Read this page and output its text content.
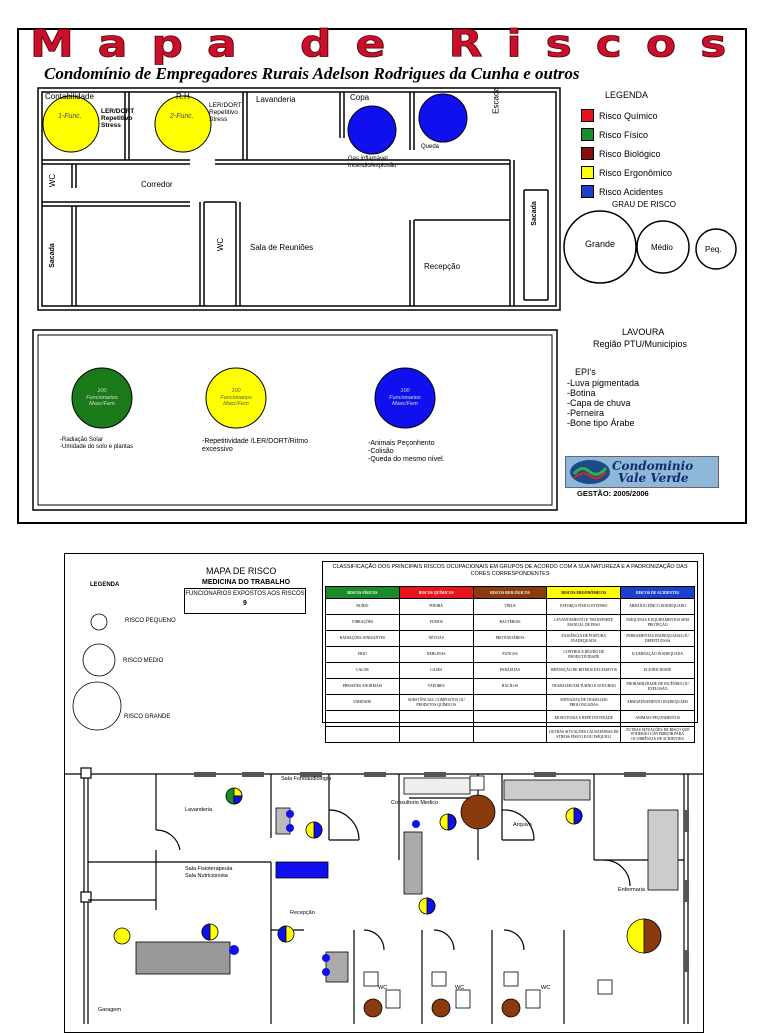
Mapa de Riscos
Condomínio de Empregadores Rurais Adelson Rodrigues da Cunha e outros
1-Func.	2-Func.
Contabilidade	R.H	Lavanderia	Copa	Escada
WC	Corredor
Sacada	WC	Sala de Reuniões
Recepção
Sacada
LER/DORT
Repetitivo
Stress
LER/DORT
Repetitivo
Stress
Gas inflamável
Incendio/explosão
Queda
LEGENDA
Risco Químico
Risco Físico
Risco Biológico
Risco Ergonômico
Risco Acidentes
GRAU DE RISCO
Grande	Médio	Peq.
LAVOURA
Região PTU/Municipios
100
Funcionarios
Masc/Fem
100
Funcionarios
Masc/Fem
100
Funcionarios
Masc/Fem
-Radiação Solar
-Umidade do solo e plantas
-Repetitividade /LER/DORT/Ritmo
excessivo
-Animais Peçonhento
-Colisão
-Queda do mesmo nível.
EPI's
-Luva pigmentada
-Botina
-Capa de chuva
-Perneira
-Bone tipo Árabe
Condominio
Vale Verde
GESTÃO: 2005/2006
LEGENDA
MAPA DE RISCO
MEDICINA DO TRABALHO
FUNCIONARIOS EXPOSTOS AOS RISCOS
9
RISCO PEQUENO
RISCO MEDIO
RISCO GRANDE
CLASSIFICAÇÃO DOS PRINCIPAIS RISCOS OCUPACIONAIS EM GRUPOS DE ACORDO COM A SUA NATUREZA E A PADRONIZAÇÃO DAS CORES CORRESPONDENTES
RISCOS FÍSICOS	RISCOS QUÍMICOS	RISCOS BIOLÓGICOS	RISCOS ERGONÔMICOS	RISCOS DE ACIDENTES
RUÍDO	POEIRA	VÍRUS	ESFORÇO FÍSICO INTENSO	ARRANJO FÍSICO INADEQUADO
VIBRAÇÕES	FUMOS	BACTÉRIAS	LEVANTAMENTO E TRANSPORTE MANUAL DE PESO	MÁQUINAS E EQUIPAMENTOS SEM PROTEÇÃO
RADIAÇÕES IONIZANTES	NÉVOAS	PROTOZOÁRIOS	EXIGÊNCIA DE POSTURA INADEQUADA	FERRAMENTAS INADEQUADAS OU DEFEITUOSAS
FRIO	NEBLINAS	FUNGOS	CONTROLE RÍGIDO DE PRODUTIVIDADE	ILUMINAÇÃO INADEQUADA
CALOR	GASES	PARASITAS	IMPOSIÇÃO DE RITMOS EXCESSIVOS	ELETRICIDADE
PRESSÕES ANORMAIS	VAPORES	BACILOS	TRABALHO EM TURNO E NOTURNO	PROBABILIDADE DE INCÊNDIO OU EXPLOSÃO
UMIDADE	SUBSTÂNCIAS, COMPOSTOS OU PRODUTOS QUÍMICOS		JORNADAS DE TRABALHO PROLONGADAS	ARMAZENAMENTO INADEQUADO
			MONOTONIA E REPETITIVIDADE	ANIMAIS PEÇONHENTOS
			OUTRAS SITUAÇÕES CAUSADORAS DE STRESS FÍSICO E/OU PSÍQUICO	OUTRAS SITUAÇÕES DE RISCO QUE PODERÃO CONTRIBUIR PARA OCORRÊNCIA DE ACIDENTES
Sala Fonoaudiologia
Lavanderia
Consultorio Medico
Arquivo
Sala Fisioterapeuta
Sala Nutricionista
Enfermaria
Recepção
Garagem
WC	WC	WC
